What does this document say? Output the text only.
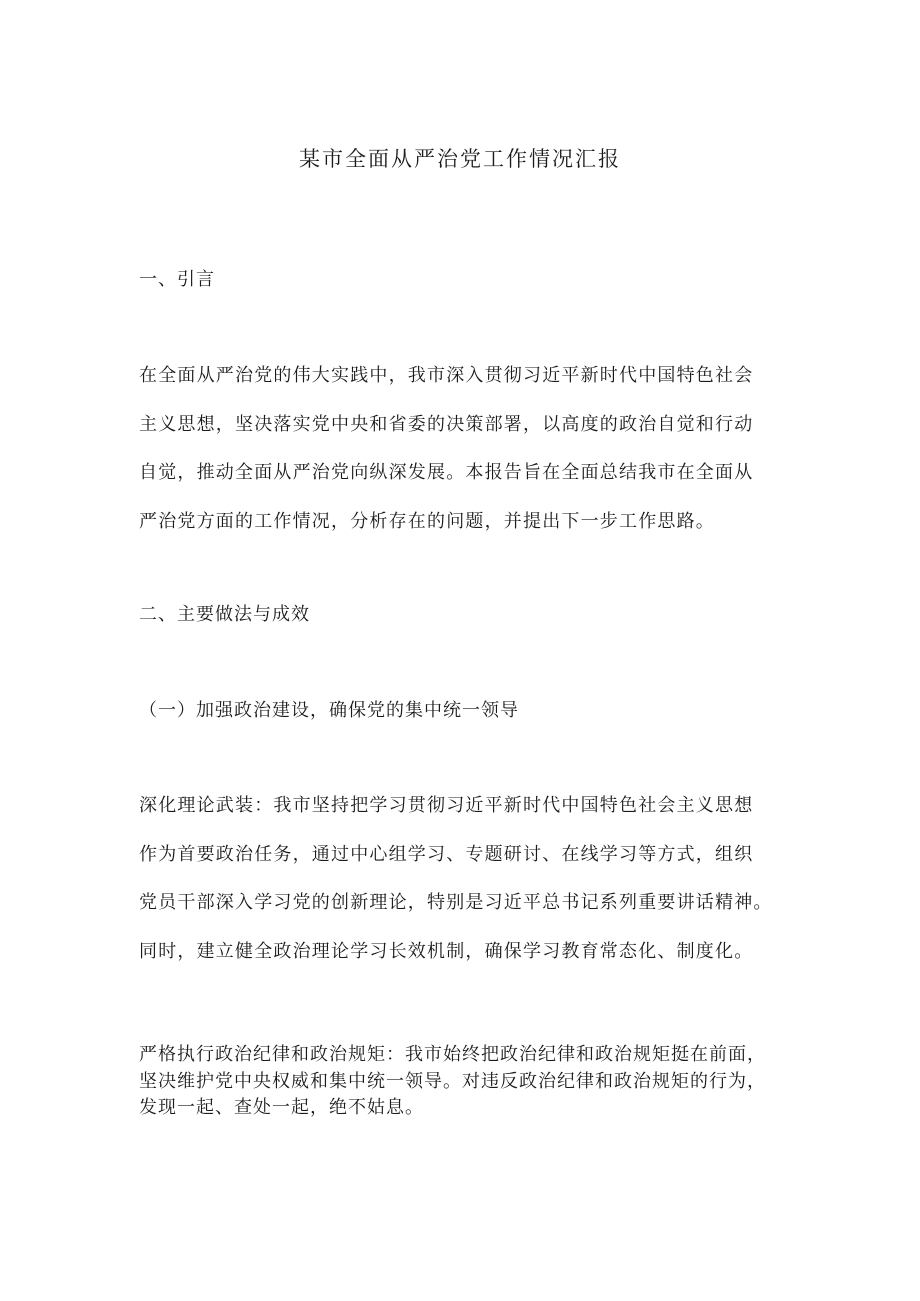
某市全面从严治党工作情况汇报
一、引言

在全面从严治党的伟大实践中，我市深入贯彻习近平新时代中国特色社会
主义思想，坚决落实党中央和省委的决策部署，以高度的政治自觉和行动
自觉，推动全面从严治党向纵深发展。本报告旨在全面总结我市在全面从
严治党方面的工作情况，分析存在的问题，并提出下一步工作思路。

二、主要做法与成效
（一）加强政治建设，确保党的集中统一领导

深化理论武装：我市坚持把学习贯彻习近平新时代中国特色社会主义思想
作为首要政治任务，通过中心组学习、专题研讨、在线学习等方式，组织
党员干部深入学习党的创新理论，特别是习近平总书记系列重要讲话精神。
同时，建立健全政治理论学习长效机制，确保学习教育常态化、制度化。

严格执行政治纪律和政治规矩：我市始终把政治纪律和政治规矩挺在前面，
坚决维护党中央权威和集中统一领导。对违反政治纪律和政治规矩的行为，
发现一起、查处一起，绝不姑息。
